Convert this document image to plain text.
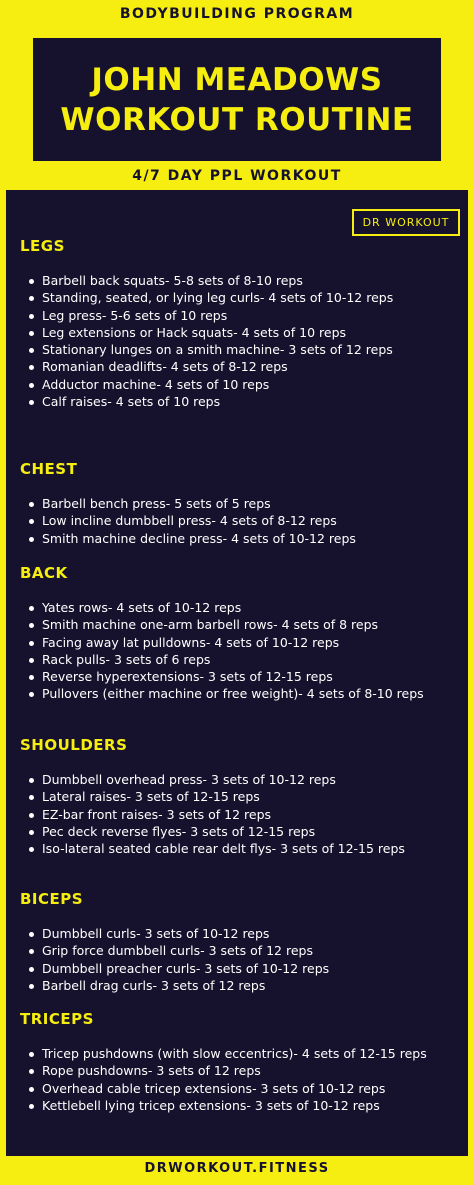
BODYBUILDING PROGRAM
JOHN MEADOWS
WORKOUT ROUTINE
4/7 DAY PPL WORKOUT
DR WORKOUT
LEGS
Barbell back squats- 5-8 sets of 8-10 reps
Standing, seated, or lying leg curls- 4 sets of 10-12 reps
Leg press- 5-6 sets of 10 reps
Leg extensions or Hack squats- 4 sets of 10 reps
Stationary lunges on a smith machine- 3 sets of 12 reps
Romanian deadlifts- 4 sets of 8-12 reps
Adductor machine- 4 sets of 10 reps
Calf raises- 4 sets of 10 reps
CHEST
Barbell bench press- 5 sets of 5 reps
Low incline dumbbell press- 4 sets of 8-12 reps
Smith machine decline press- 4 sets of 10-12 reps
BACK
Yates rows- 4 sets of 10-12 reps
Smith machine one-arm barbell rows- 4 sets of 8 reps
Facing away lat pulldowns- 4 sets of 10-12 reps
Rack pulls- 3 sets of 6 reps
Reverse hyperextensions- 3 sets of 12-15 reps
Pullovers (either machine or free weight)- 4 sets of 8-10 reps
SHOULDERS
Dumbbell overhead press- 3 sets of 10-12 reps
Lateral raises- 3 sets of 12-15 reps
EZ-bar front raises- 3 sets of 12 reps
Pec deck reverse flyes- 3 sets of 12-15 reps
Iso-lateral seated cable rear delt flys- 3 sets of 12-15 reps
BICEPS
Dumbbell curls- 3 sets of 10-12 reps
Grip force dumbbell curls- 3 sets of 12 reps
Dumbbell preacher curls- 3 sets of 10-12 reps
Barbell drag curls- 3 sets of 12 reps
TRICEPS
Tricep pushdowns (with slow eccentrics)- 4 sets of 12-15 reps
Rope pushdowns- 3 sets of 12 reps
Overhead cable tricep extensions- 3 sets of 10-12 reps
Kettlebell lying tricep extensions- 3 sets of 10-12 reps
DRWORKOUT.FITNESS
